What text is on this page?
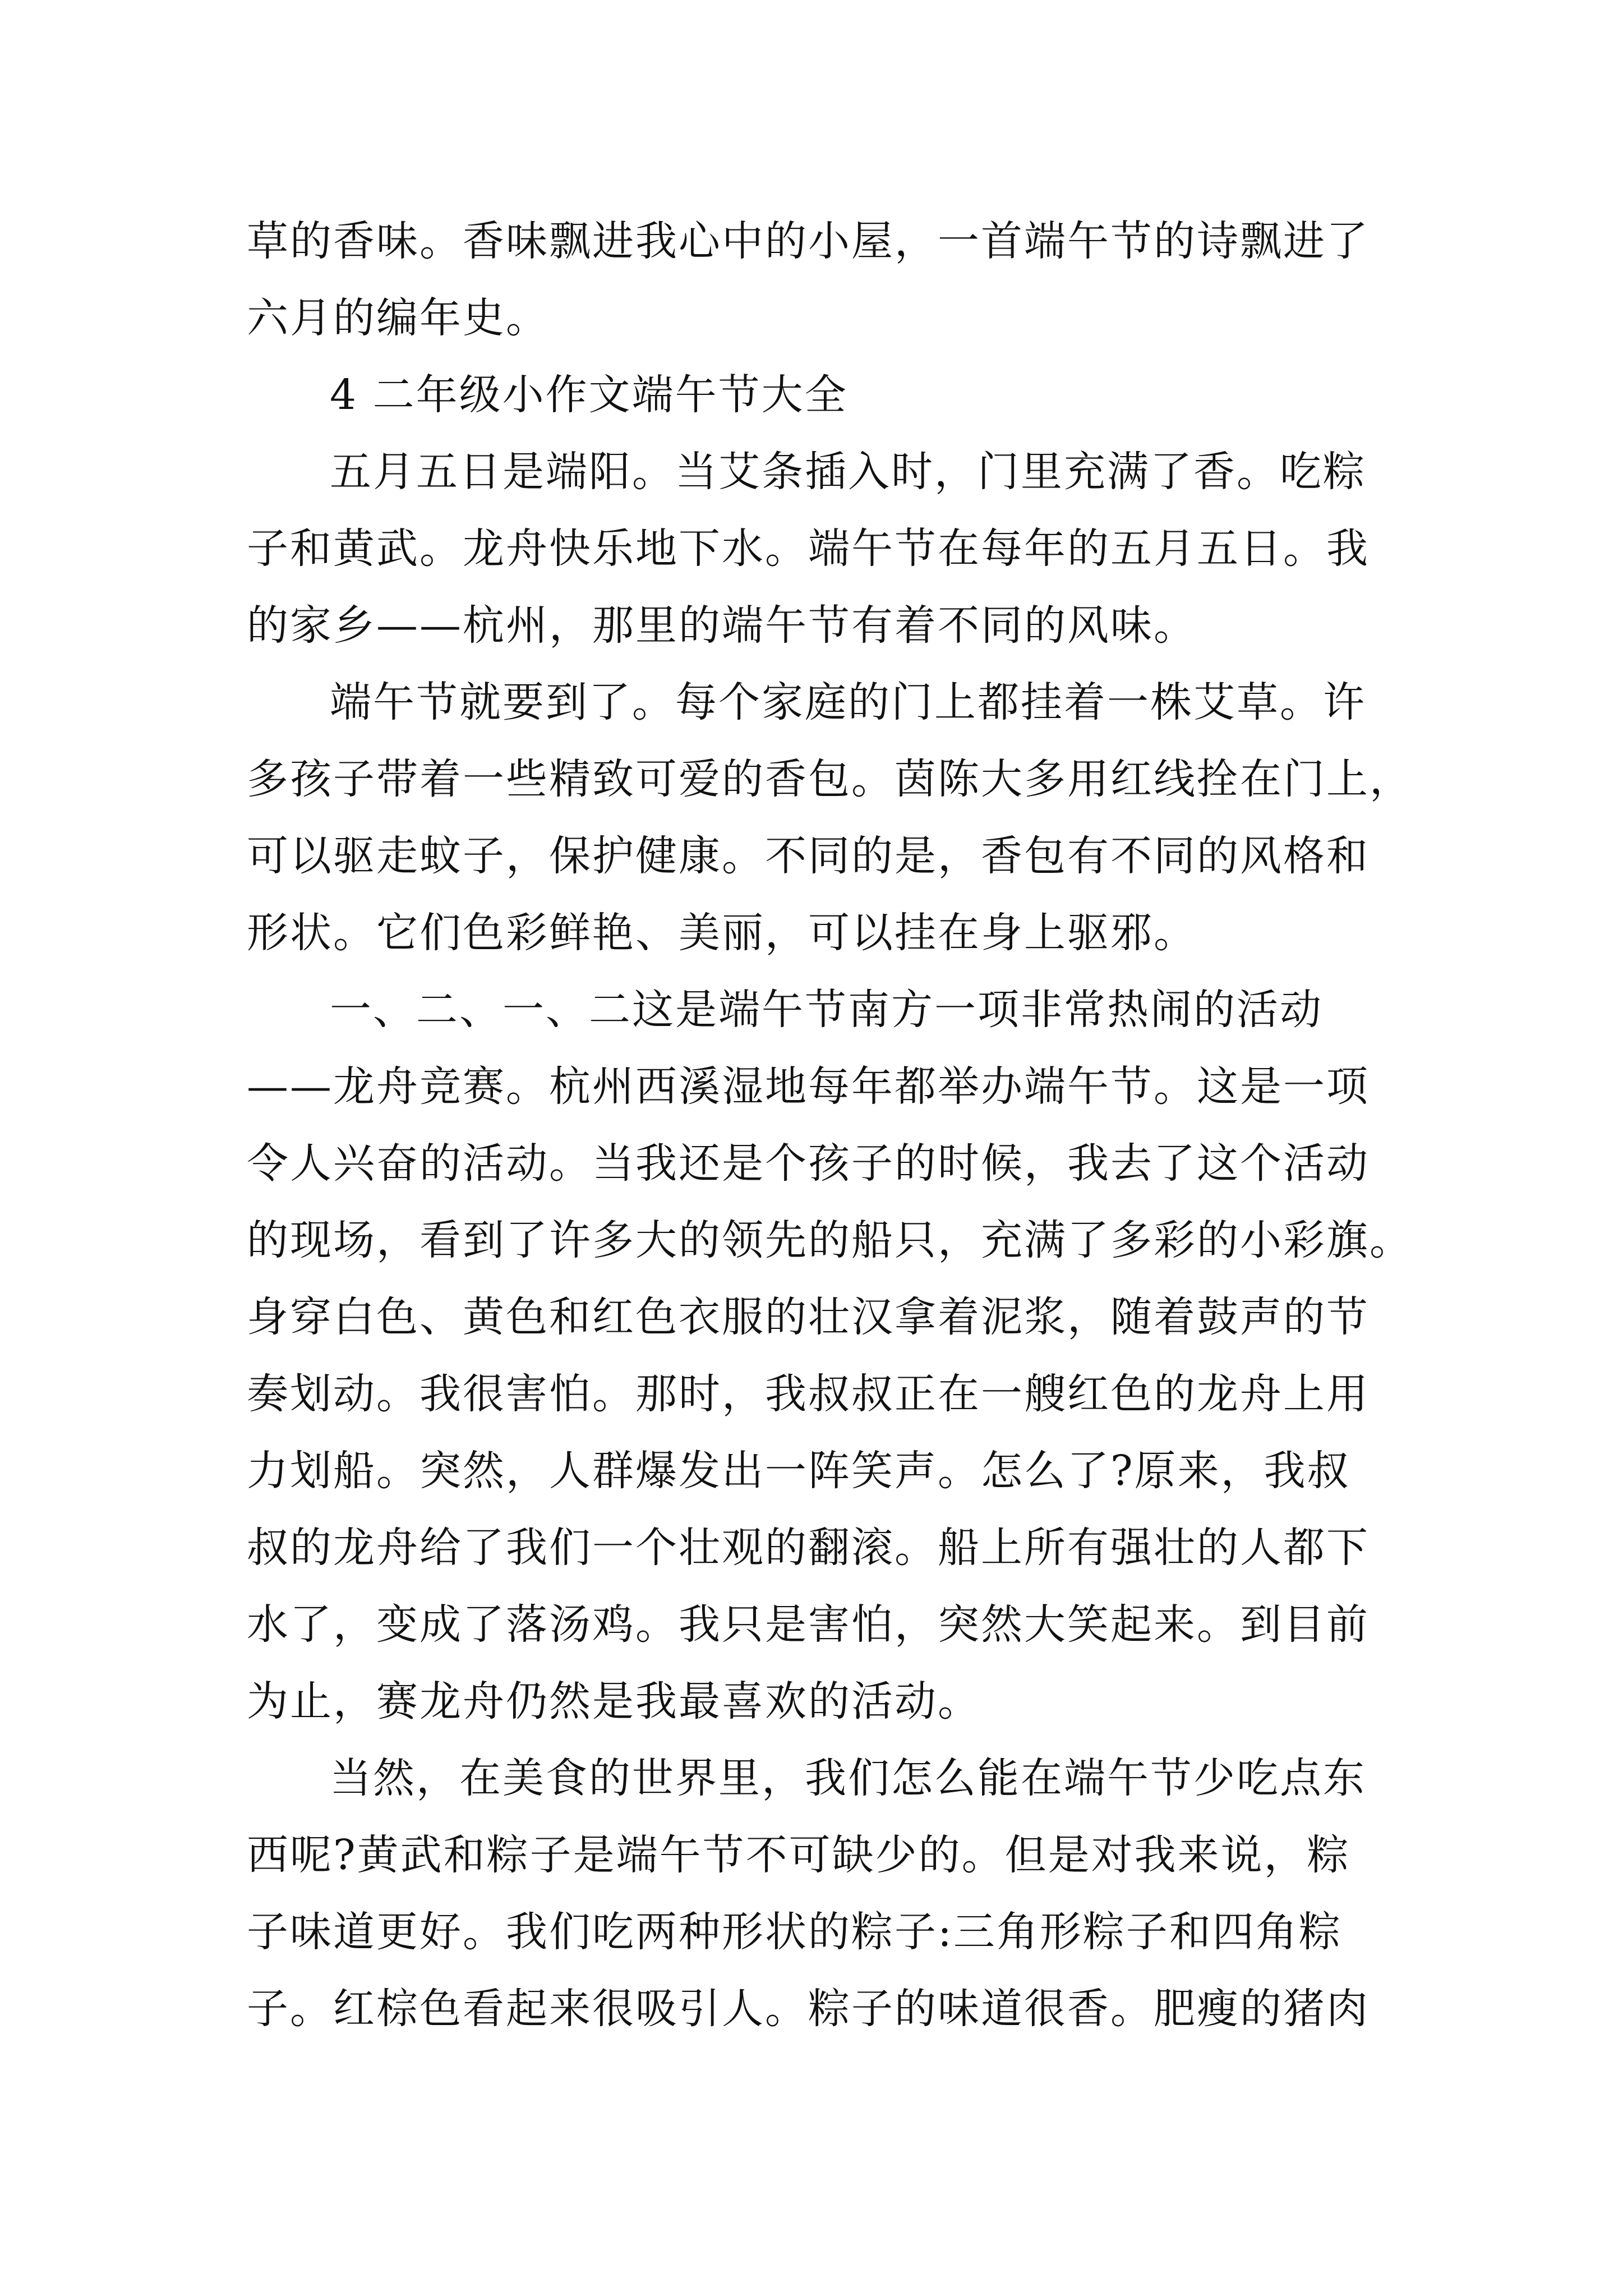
草的香味。香味飘进我心中的小屋，一首端午节的诗飘进了
六月的编年史。
4 二年级小作文端午节大全
五月五日是端阳。当艾条插入时，门里充满了香。吃粽
子和黄武。龙舟快乐地下水。端午节在每年的五月五日。我
的家乡——杭州，那里的端午节有着不同的风味。
端午节就要到了。每个家庭的门上都挂着一株艾草。许
多孩子带着一些精致可爱的香包。茵陈大多用红线拴在门上，
可以驱走蚊子，保护健康。不同的是，香包有不同的风格和
形状。它们色彩鲜艳、美丽，可以挂在身上驱邪。
一、二、一、二这是端午节南方一项非常热闹的活动
——龙舟竞赛。杭州西溪湿地每年都举办端午节。这是一项
令人兴奋的活动。当我还是个孩子的时候，我去了这个活动
的现场，看到了许多大的领先的船只，充满了多彩的小彩旗。
身穿白色、黄色和红色衣服的壮汉拿着泥浆，随着鼓声的节
奏划动。我很害怕。那时，我叔叔正在一艘红色的龙舟上用
力划船。突然，人群爆发出一阵笑声。怎么了?原来，我叔
叔的龙舟给了我们一个壮观的翻滚。船上所有强壮的人都下
水了，变成了落汤鸡。我只是害怕，突然大笑起来。到目前
为止，赛龙舟仍然是我最喜欢的活动。
当然，在美食的世界里，我们怎么能在端午节少吃点东
西呢?黄武和粽子是端午节不可缺少的。但是对我来说，粽
子味道更好。我们吃两种形状的粽子:三角形粽子和四角粽
子。红棕色看起来很吸引人。粽子的味道很香。肥瘦的猪肉
